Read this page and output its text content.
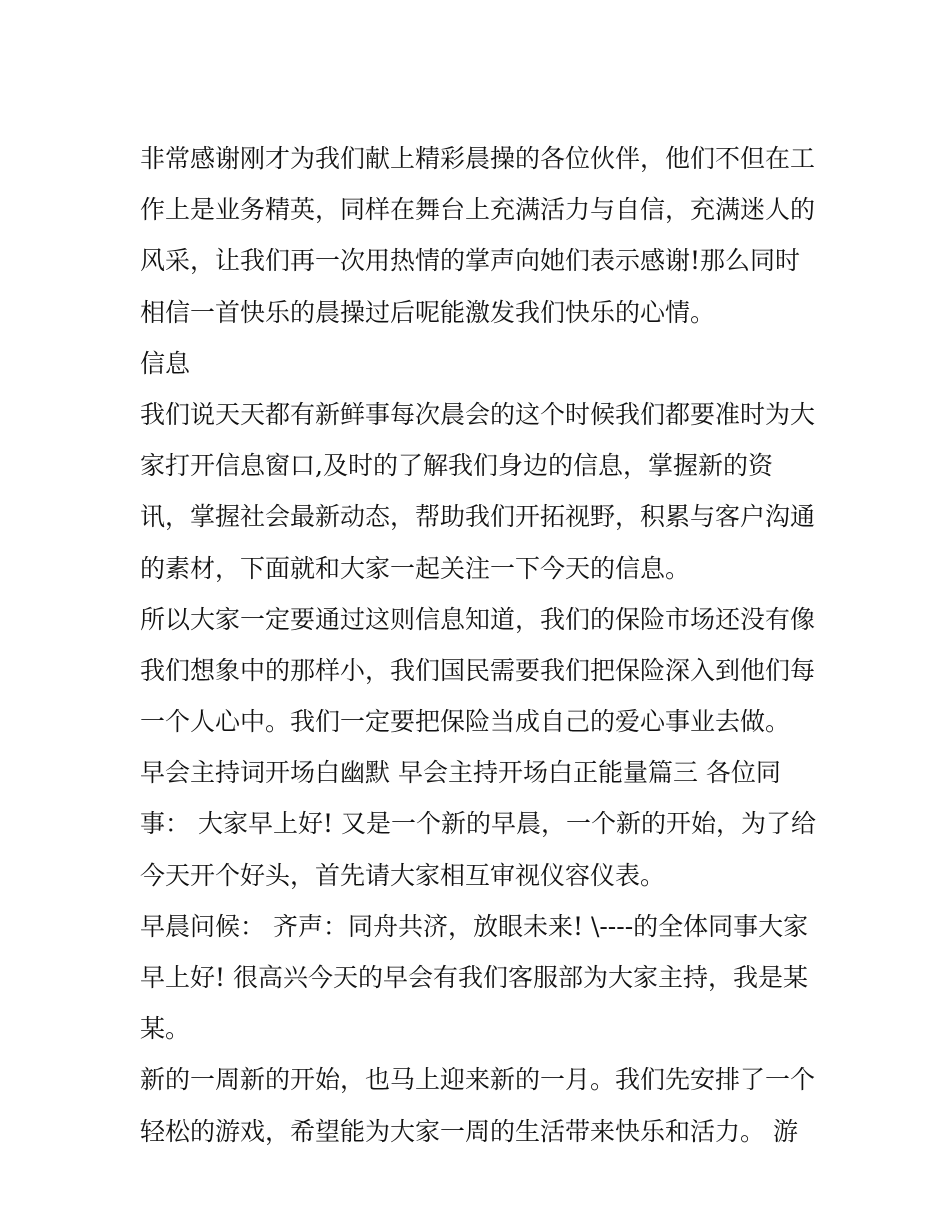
非常感谢刚才为我们献上精彩晨操的各位伙伴，他们不但在工
作上是业务精英，同样在舞台上充满活力与自信，充满迷人的
风采，让我们再一次用热情的掌声向她们表示感谢!那么同时
相信一首快乐的晨操过后呢能激发我们快乐的心情。
信息
我们说天天都有新鲜事每次晨会的这个时候我们都要准时为大
家打开信息窗口,及时的了解我们身边的信息，掌握新的资
讯，掌握社会最新动态，帮助我们开拓视野，积累与客户沟通
的素材，下面就和大家一起关注一下今天的信息。
所以大家一定要通过这则信息知道，我们的保险市场还没有像
我们想象中的那样小，我们国民需要我们把保险深入到他们每
一个人心中。我们一定要把保险当成自己的爱心事业去做。
早会主持词开场白幽默 早会主持开场白正能量篇三 各位同
事： 大家早上好! 又是一个新的早晨，一个新的开始，为了给
今天开个好头，首先请大家相互审视仪容仪表。
早晨问候： 齐声：同舟共济，放眼未来! \----的全体同事大家
早上好! 很高兴今天的早会有我们客服部为大家主持，我是某
某。
新的一周新的开始，也马上迎来新的一月。我们先安排了一个
轻松的游戏，希望能为大家一周的生活带来快乐和活力。 游
